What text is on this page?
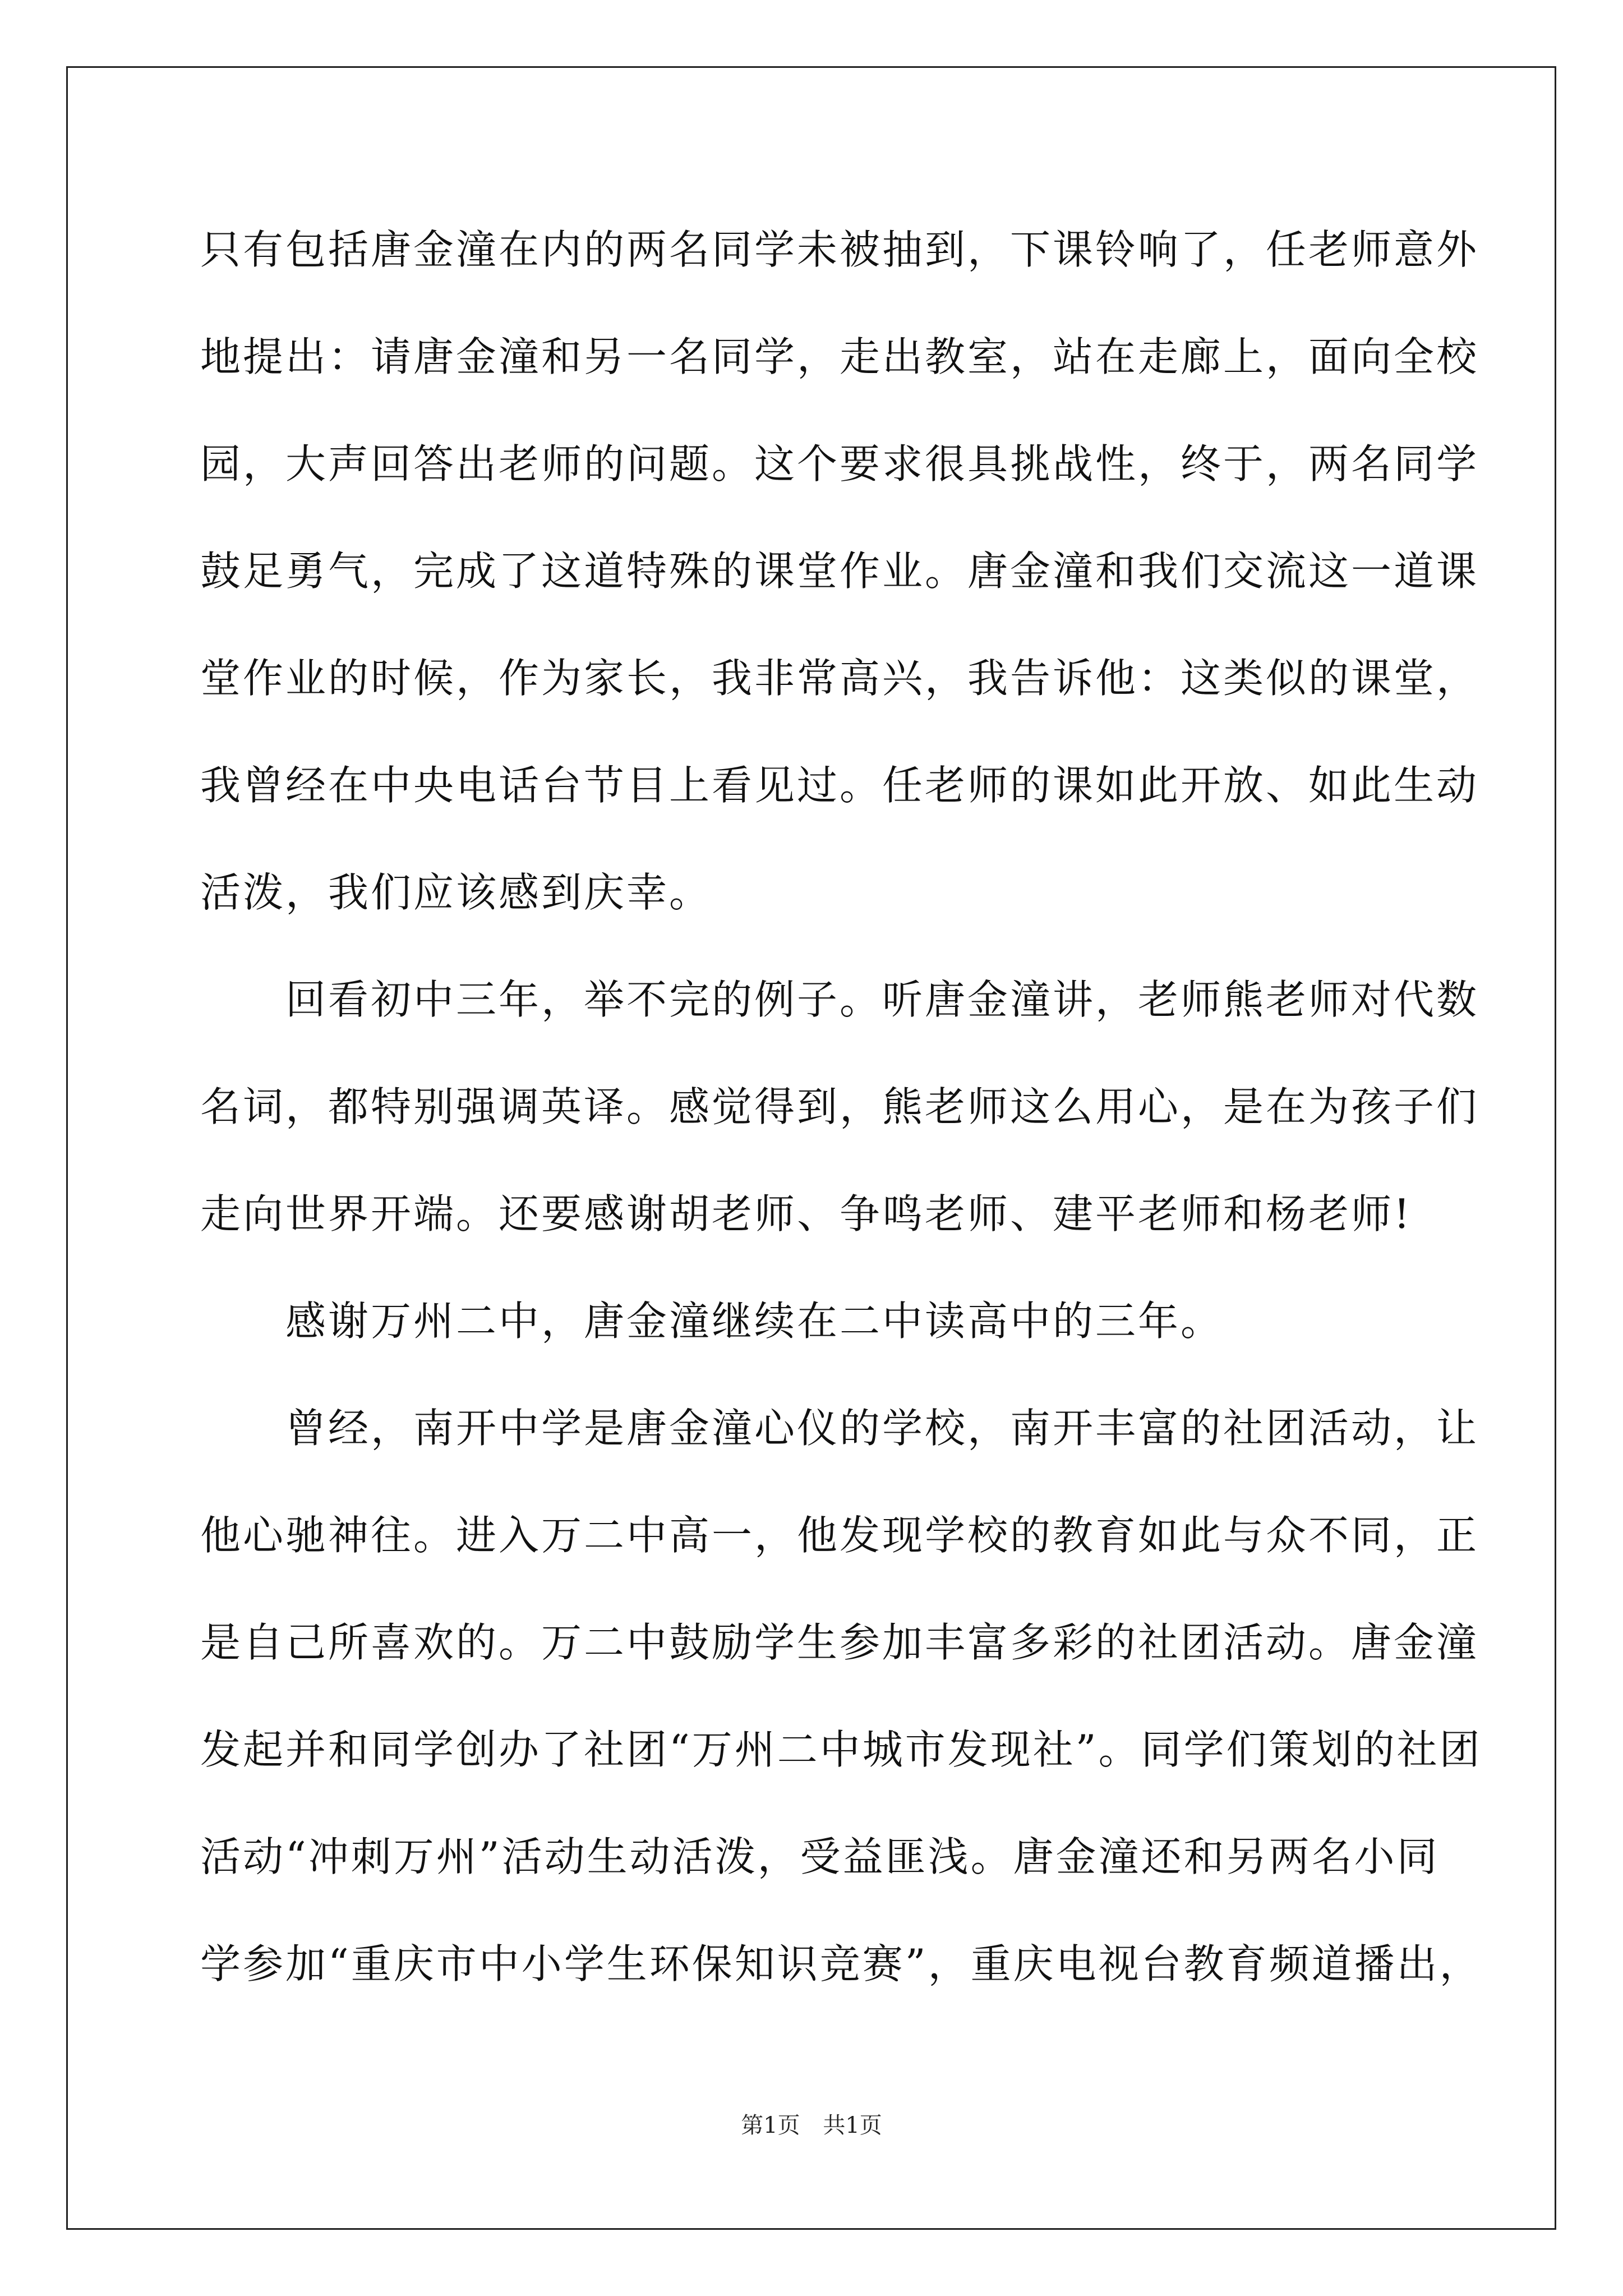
只有包括唐金潼在内的两名同学未被抽到，下课铃响了，任老师意外
地提出：请唐金潼和另一名同学，走出教室，站在走廊上，面向全校
园，大声回答出老师的问题。这个要求很具挑战性，终于，两名同学
鼓足勇气，完成了这道特殊的课堂作业。唐金潼和我们交流这一道课
堂作业的时候，作为家长，我非常高兴，我告诉他：这类似的课堂，
我曾经在中央电话台节目上看见过。任老师的课如此开放、如此生动
活泼，我们应该感到庆幸。
回看初中三年，举不完的例子。听唐金潼讲，老师熊老师对代数
名词，都特别强调英译。感觉得到，熊老师这么用心，是在为孩子们
走向世界开端。还要感谢胡老师、争鸣老师、建平老师和杨老师!
感谢万州二中，唐金潼继续在二中读高中的三年。
曾经，南开中学是唐金潼心仪的学校，南开丰富的社团活动，让
他心驰神往。进入万二中高一，他发现学校的教育如此与众不同，正
是自己所喜欢的。万二中鼓励学生参加丰富多彩的社团活动。唐金潼
发起并和同学创办了社团“万州二中城市发现社”。同学们策划的社团
活动“冲刺万州”活动生动活泼，受益匪浅。唐金潼还和另两名小同
学参加“重庆市中小学生环保知识竞赛”，重庆电视台教育频道播出，
第1页 共1页
